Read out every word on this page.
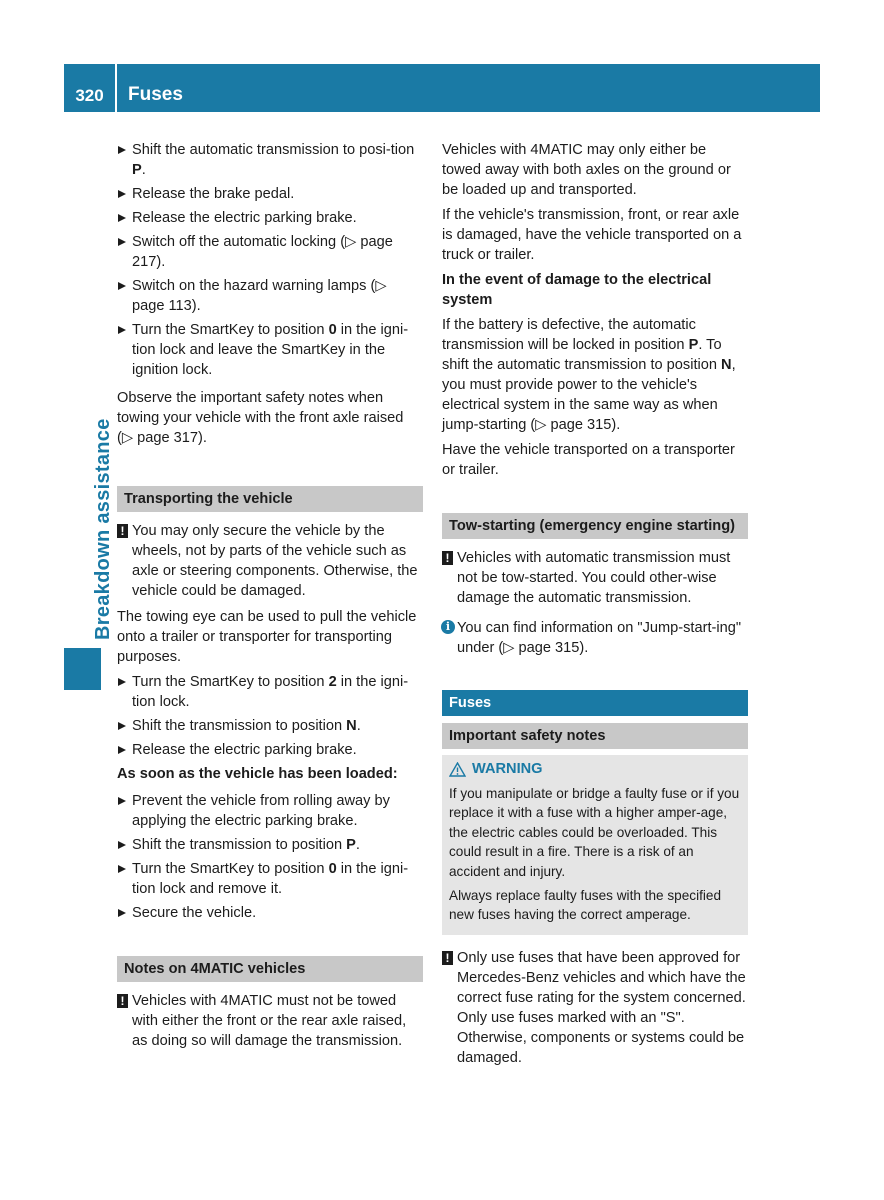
320	Fuses
Breakdown assistance
Shift the automatic transmission to posi-tion P.
Release the brake pedal.
Release the electric parking brake.
Switch off the automatic locking (▷ page 217).
Switch on the hazard warning lamps (▷ page 113).
Turn the SmartKey to position 0 in the igni-tion lock and leave the SmartKey in the ignition lock.

Observe the important safety notes when towing your vehicle with the front axle raised (▷ page 317).

Transporting the vehicle
! You may only secure the vehicle by the wheels, not by parts of the vehicle such as axle or steering components. Otherwise, the vehicle could be damaged.

The towing eye can be used to pull the vehicle onto a trailer or transporter for transporting purposes.

Turn the SmartKey to position 2 in the igni-tion lock.
Shift the transmission to position N.
Release the electric parking brake.

As soon as the vehicle has been loaded:

Prevent the vehicle from rolling away by applying the electric parking brake.
Shift the transmission to position P.
Turn the SmartKey to position 0 in the igni-tion lock and remove it.
Secure the vehicle.
Notes on 4MATIC vehicles
! Vehicles with 4MATIC must not be towed with either the front or the rear axle raised, as doing so will damage the transmission.

Vehicles with 4MATIC may only either be towed away with both axles on the ground or be loaded up and transported.

If the vehicle's transmission, front, or rear axle is damaged, have the vehicle transported on a truck or trailer.

In the event of damage to the electrical system

If the battery is defective, the automatic transmission will be locked in position P. To shift the automatic transmission to position N, you must provide power to the vehicle's electrical system in the same way as when jump-starting (▷ page 315).

Have the vehicle transported on a transporter or trailer.

Tow-starting (emergency engine starting)
! Vehicles with automatic transmission must not be tow-started. You could other-wise damage the automatic transmission.
i You can find information on "Jump-start-ing" under (▷ page 315).
Fuses
Important safety notes
WARNING

If you manipulate or bridge a faulty fuse or if you replace it with a fuse with a higher amper-age, the electric cables could be overloaded. This could result in a fire. There is a risk of an accident and injury.

Always replace faulty fuses with the specified new fuses having the correct amperage.

! Only use fuses that have been approved for Mercedes-Benz vehicles and which have the correct fuse rating for the system concerned. Only use fuses marked with an "S". Otherwise, components or systems could be damaged.
